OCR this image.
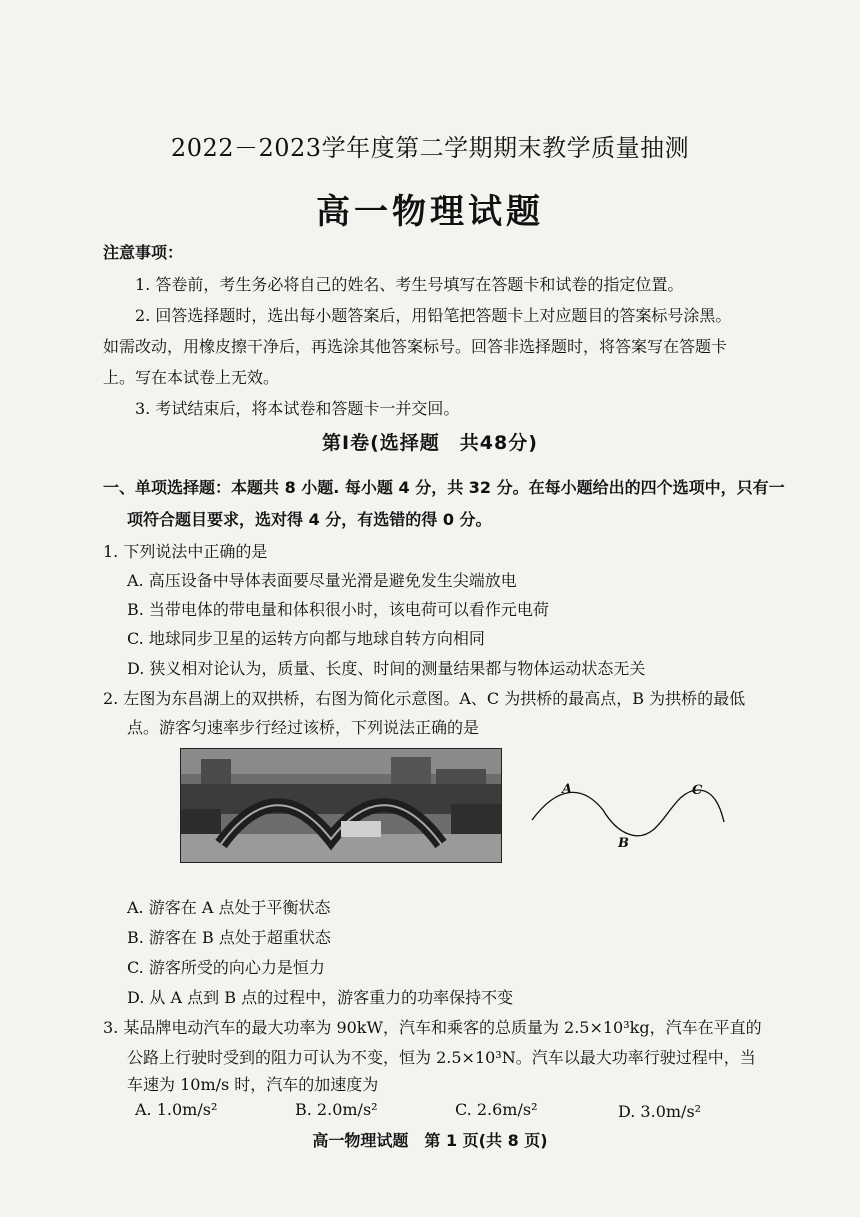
2022－2023学年度第二学期期末教学质量抽测
高一物理试题
注意事项：
1. 答卷前，考生务必将自己的姓名、考生号填写在答题卡和试卷的指定位置。
2. 回答选择题时，选出每小题答案后，用铅笔把答题卡上对应题目的答案标号涂黑。
如需改动，用橡皮擦干净后，再选涂其他答案标号。回答非选择题时，将答案写在答题卡
上。写在本试卷上无效。
3. 考试结束后，将本试卷和答题卡一并交回。
第Ⅰ卷(选择题　共48分)
一、单项选择题：本题共 8 小题. 每小题 4 分，共 32 分。在每小题给出的四个选项中，只有一
项符合题目要求，选对得 4 分，有选错的得 0 分。
1. 下列说法中正确的是
A. 高压设备中导体表面要尽量光滑是避免发生尖端放电
B. 当带电体的带电量和体积很小时，该电荷可以看作元电荷
C. 地球同步卫星的运转方向都与地球自转方向相同
D. 狭义相对论认为，质量、长度、时间的测量结果都与物体运动状态无关
2. 左图为东昌湖上的双拱桥，右图为简化示意图。A、C 为拱桥的最高点，B 为拱桥的最低
点。游客匀速率步行经过该桥，下列说法正确的是
A
B
C
A. 游客在 A 点处于平衡状态
B. 游客在 B 点处于超重状态
C. 游客所受的向心力是恒力
D. 从 A 点到 B 点的过程中，游客重力的功率保持不变
3. 某品牌电动汽车的最大功率为 90kW，汽车和乘客的总质量为 2.5×10³kg，汽车在平直的
公路上行驶时受到的阻力可认为不变，恒为 2.5×10³N。汽车以最大功率行驶过程中，当
车速为 10m/s 时，汽车的加速度为
A. 1.0m/s²	B. 2.0m/s²	C. 2.6m/s²	D. 3.0m/s²
高一物理试题　第 1 页(共 8 页)
